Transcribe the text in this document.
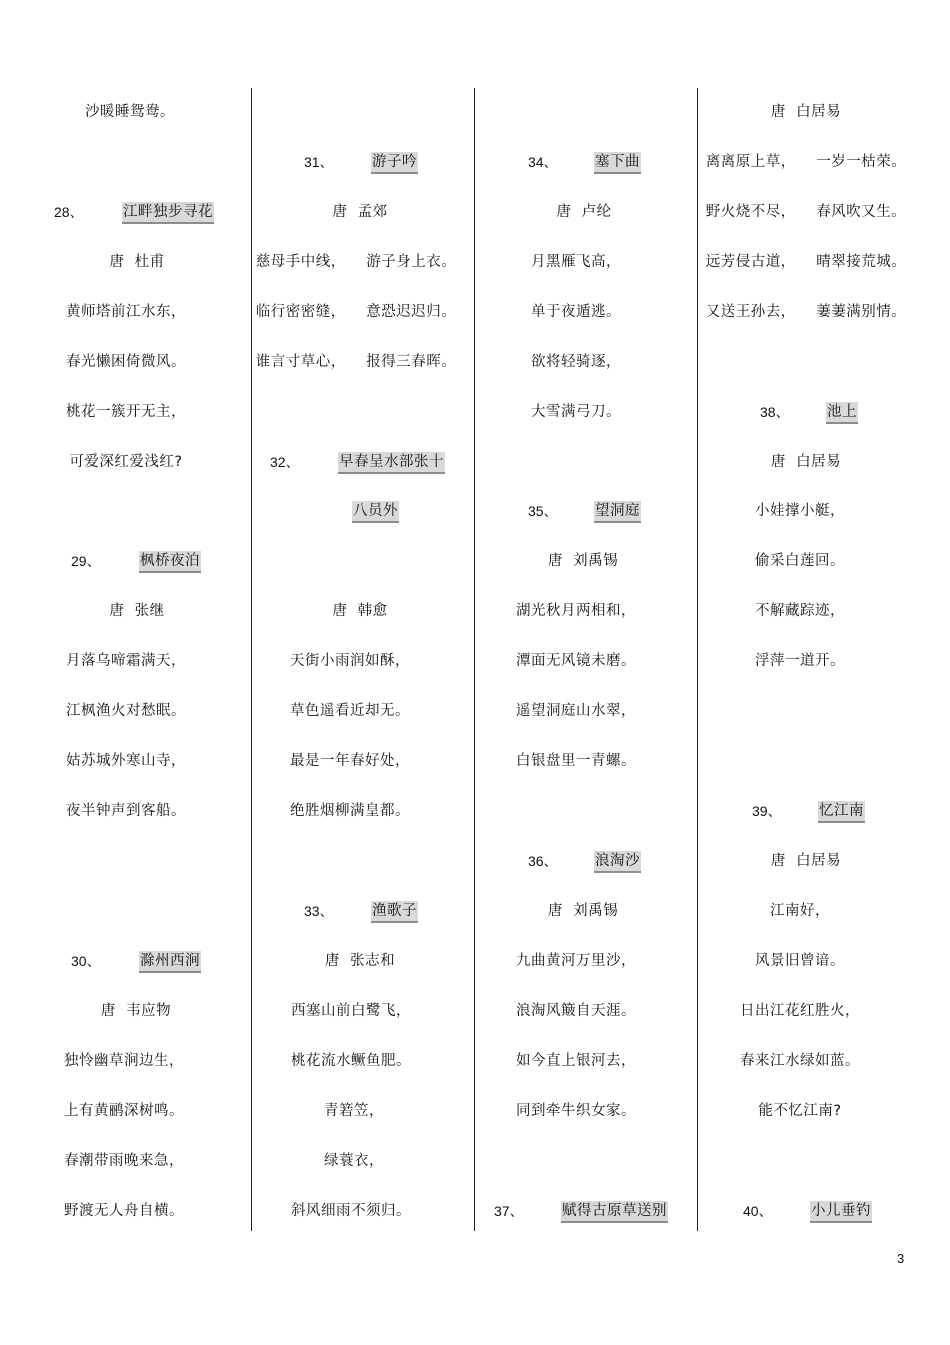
沙暖睡鸳鸯。
28、	江畔独步寻花
唐  杜甫
黄师塔前江水东，
春光懒困倚微风。
桃花一簇开无主，
可爱深红爱浅红?
29、	枫桥夜泊
唐  张继
月落乌啼霜满天，
江枫渔火对愁眠。
姑苏城外寒山寺，
夜半钟声到客船。
30、	滁州西涧
唐  韦应物
独怜幽草涧边生，
上有黄鹂深树鸣。
春潮带雨晚来急，
野渡无人舟自横。
31、	游子吟
唐  孟郊
慈母手中线，    游子身上衣。
临行密密缝，    意恐迟迟归。
谁言寸草心，    报得三春晖。
32、	早春呈水部张十
八员外
唐  韩愈
天街小雨润如酥，
草色遥看近却无。
最是一年春好处，
绝胜烟柳满皇都。
33、	渔歌子
唐  张志和
西塞山前白鹭飞，
桃花流水鳜鱼肥。
青箬笠，
绿蓑衣，
斜风细雨不须归。
34、	塞下曲
唐  卢纶
月黑雁飞高，
单于夜遁逃。
欲将轻骑逐，
大雪满弓刀。
35、	望洞庭
唐  刘禹锡
湖光秋月两相和，
潭面无风镜未磨。
遥望洞庭山水翠，
白银盘里一青螺。
36、	浪淘沙
唐  刘禹锡
九曲黄河万里沙，
浪淘风簸自天涯。
如今直上银河去，
同到牵牛织女家。
37、	赋得古原草送别
唐  白居易
离离原上草，    一岁一枯荣。
野火烧不尽，    春风吹又生。
远芳侵古道，    晴翠接荒城。
又送王孙去，    萋萋满别情。
38、	池上
唐  白居易
小娃撑小艇，
偷采白莲回。
不解藏踪迹，
浮萍一道开。
39、	忆江南
唐  白居易
江南好，
风景旧曾谙。
日出江花红胜火，
春来江水绿如蓝。
能不忆江南?
40、	小儿垂钓
3
